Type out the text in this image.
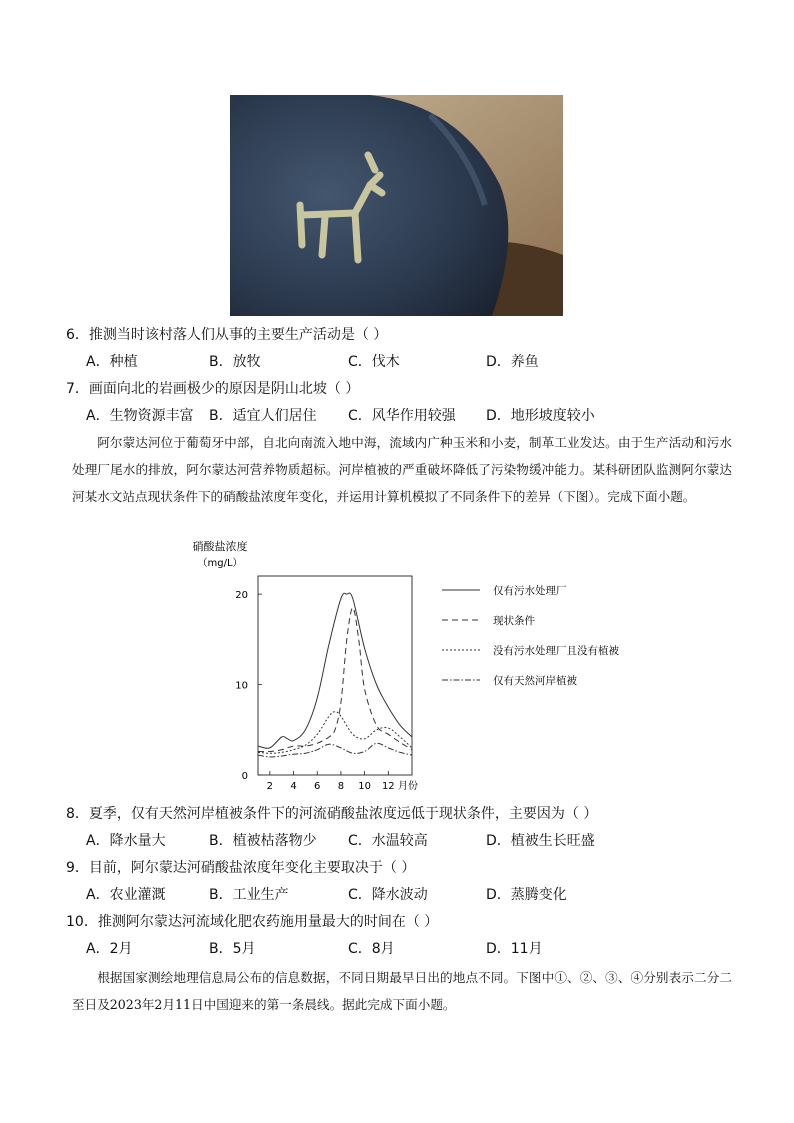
6．推测当时该村落人们从事的主要生产活动是（ ）
A．种植	B．放牧	C．伐木	D．养鱼
7．画面向北的岩画极少的原因是阴山北坡（ ）
A．生物资源丰富 B．适宜人们居住 C．风华作用较强 D．地形坡度较小
阿尔蒙达河位于葡萄牙中部，自北向南流入地中海，流域内广种玉米和小麦，制革工业发达。由于生产活动和污水处理厂尾水的排放，阿尔蒙达河营养物质超标。河岸植被的严重破坏降低了污染物缓冲能力。某科研团队监测阿尔蒙达河某水文站点现状条件下的硝酸盐浓度年变化，并运用计算机模拟了不同条件下的差异（下图）。完成下面小题。
硝酸盐浓度
（mg/L）
0
10
20
2 4 6 8 10 12 月份
仅有污水处理厂
现状条件
没有污水处理厂且没有植被
仅有天然河岸植被
8．夏季，仅有天然河岸植被条件下的河流硝酸盐浓度远低于现状条件，主要因为（ ）
A．降水量大	B．植被枯落物少 C．水温较高	D．植被生长旺盛
9．目前，阿尔蒙达河硝酸盐浓度年变化主要取决于（ ）
A．农业灌溉	B．工业生产	C．降水波动	D．蒸腾变化
10．推测阿尔蒙达河流域化肥农药施用量最大的时间在（ ）
A．2月	B．5月	C．8月	D．11月
根据国家测绘地理信息局公布的信息数据，不同日期最早日出的地点不同。下图中①、②、③、④分别表示二分二至日及2023年2月11日中国迎来的第一条晨线。据此完成下面小题。
